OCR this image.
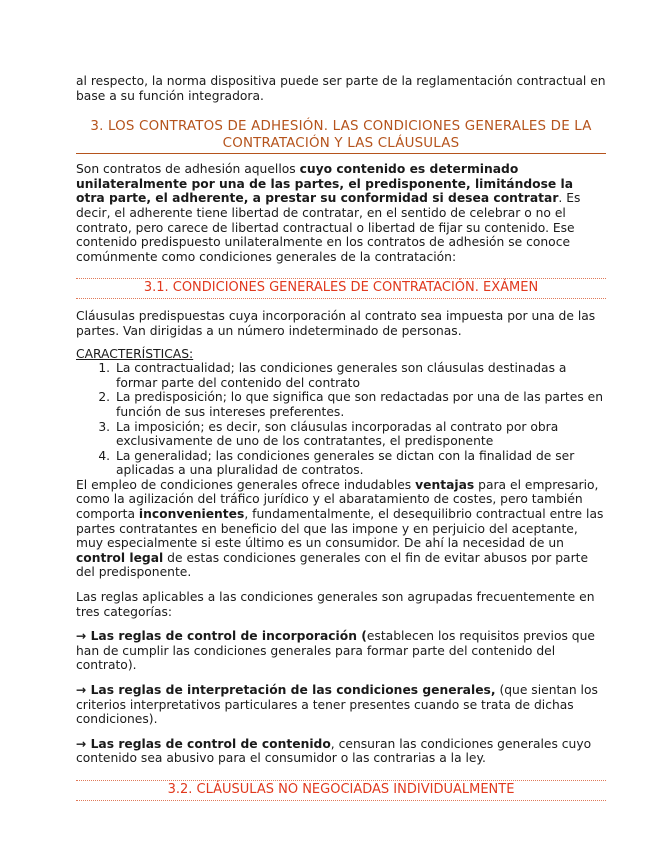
al respecto, la norma dispositiva puede ser parte de la reglamentación contractual en base a su función integradora.

3. LOS CONTRATOS DE ADHESIÓN. LAS CONDICIONES GENERALES DE LA CONTRATACIÓN Y LAS CLÁUSULAS

Son contratos de adhesión aquellos cuyo contenido es determinado unilateralmente por una de las partes, el predisponente, limitándose la otra parte, el adherente, a prestar su conformidad si desea contratar. Es decir, el adherente tiene libertad de contratar, en el sentido de celebrar o no el contrato, pero carece de libertad contractual o libertad de fijar su contenido. Ese contenido predispuesto unilateralmente en los contratos de adhesión se conoce comúnmente como condiciones generales de la contratación:

3.1. CONDICIONES GENERALES DE CONTRATACIÓN. EXÁMEN

Cláusulas predispuestas cuya incorporación al contrato sea impuesta por una de las partes. Van dirigidas a un número indeterminado de personas.

CARACTERÍSTICAS:

1. La contractualidad; las condiciones generales son cláusulas destinadas a formar parte del contenido del contrato
2. La predisposición; lo que significa que son redactadas por una de las partes en función de sus intereses preferentes.
3. La imposición; es decir, son cláusulas incorporadas al contrato por obra exclusivamente de uno de los contratantes, el predisponente
4. La generalidad; las condiciones generales se dictan con la finalidad de ser aplicadas a una pluralidad de contratos.

El empleo de condiciones generales ofrece indudables ventajas para el empresario, como la agilización del tráfico jurídico y el abaratamiento de costes, pero también comporta inconvenientes, fundamentalmente, el desequilibrio contractual entre las partes contratantes en beneficio del que las impone y en perjuicio del aceptante, muy especialmente si este último es un consumidor. De ahí la necesidad de un control legal de estas condiciones generales con el fin de evitar abusos por parte del predisponente.

Las reglas aplicables a las condiciones generales son agrupadas frecuentemente en tres categorías:

→ Las reglas de control de incorporación (establecen los requisitos previos que han de cumplir las condiciones generales para formar parte del contenido del contrato).

→ Las reglas de interpretación de las condiciones generales, (que sientan los criterios interpretativos particulares a tener presentes cuando se trata de dichas condiciones).

→ Las reglas de control de contenido, censuran las condiciones generales cuyo contenido sea abusivo para el consumidor o las contrarias a la ley.

3.2. CLÁUSULAS NO NEGOCIADAS INDIVIDUALMENTE
